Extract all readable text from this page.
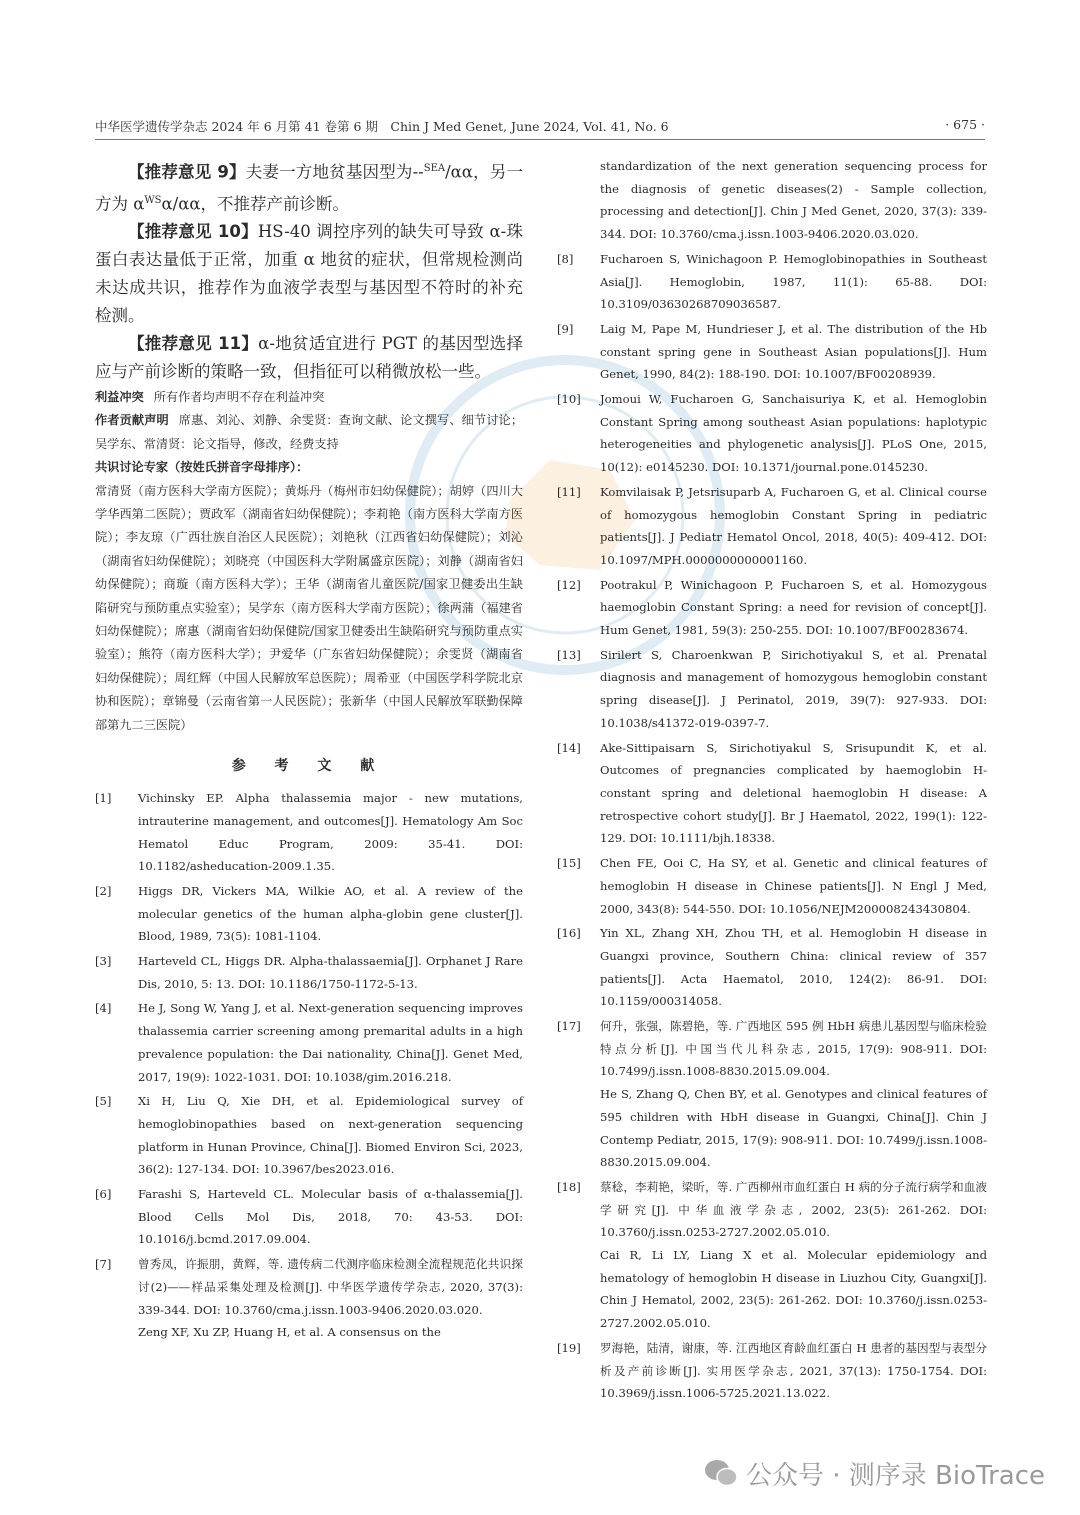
中华医学遗传学杂志 2024 年 6 月第 41 卷第 6 期　Chin J Med Genet, June 2024, Vol. 41, No. 6	· 675 ·

【推荐意见 9】夫妻一方地贫基因型为--$^{SEA}$/αα，另一方为 $\alpha^{WS}\alpha/\alpha\alpha$，不推荐产前诊断。

【推荐意见 10】HS-40 调控序列的缺失可导致 α-珠蛋白表达量低于正常，加重 α 地贫的症状，但常规检测尚未达成共识，推荐作为血液学表型与基因型不符时的补充检测。

【推荐意见 11】α-地贫适宜进行 PGT 的基因型选择应与产前诊断的策略一致，但指征可以稍微放松一些。

利益冲突 所有作者均声明不存在利益冲突

作者贡献声明 席惠、刘沁、刘静、余雯贤：查询文献、论文撰写、细节讨论；吴学东、常清贤：论文指导，修改，经费支持

共识讨论专家（按姓氏拼音字母排序）：
常清贤（南方医科大学南方医院）；黄烁丹（梅州市妇幼保健院）；胡婷（四川大学华西第二医院）；贾政军（湖南省妇幼保健院）；李莉艳（南方医科大学南方医院）；李友琼（广西壮族自治区人民医院）；刘艳秋（江西省妇幼保健院）；刘沁（湖南省妇幼保健院）；刘晓亮（中国医科大学附属盛京医院）；刘静（湖南省妇幼保健院）；商璇（南方医科大学）；王华（湖南省儿童医院/国家卫健委出生缺陷研究与预防重点实验室）；吴学东（南方医科大学南方医院）；徐两蒲（福建省妇幼保健院）；席惠（湖南省妇幼保健院/国家卫健委出生缺陷研究与预防重点实验室）；熊符（南方医科大学）；尹爱华（广东省妇幼保健院）；余雯贤（湖南省妇幼保健院）；周红辉（中国人民解放军总医院）；周希亚（中国医学科学院北京协和医院）；章锦曼（云南省第一人民医院）；张新华（中国人民解放军联勤保障部第九二三医院）

参 考 文 献
[1] Vichinsky EP. Alpha thalassemia major - new mutations, intrauterine management, and outcomes[J]. Hematology Am Soc Hematol Educ Program, 2009: 35-41. DOI: 10.1182/asheducation-2009.1.35.
[2] Higgs DR, Vickers MA, Wilkie AO, et al. A review of the molecular genetics of the human alpha-globin gene cluster[J]. Blood, 1989, 73(5): 1081-1104.
[3] Harteveld CL, Higgs DR. Alpha-thalassaemia[J]. Orphanet J Rare Dis, 2010, 5: 13. DOI: 10.1186/1750-1172-5-13.
[4] He J, Song W, Yang J, et al. Next-generation sequencing improves thalassemia carrier screening among premarital adults in a high prevalence population: the Dai nationality, China[J]. Genet Med, 2017, 19(9): 1022-1031. DOI: 10.1038/gim.2016.218.
[5] Xi H, Liu Q, Xie DH, et al. Epidemiological survey of hemoglobinopathies based on next-generation sequencing platform in Hunan Province, China[J]. Biomed Environ Sci, 2023, 36(2): 127-134. DOI: 10.3967/bes2023.016.
[6] Farashi S, Harteveld CL. Molecular basis of α-thalassemia[J]. Blood Cells Mol Dis, 2018, 70: 43-53. DOI: 10.1016/j.bcmd.2017.09.004.
[7] 曾秀凤，许振朋，黄辉，等. 遗传病二代测序临床检测全流程规范化共识探讨(2)——样品采集处理及检测[J]. 中华医学遗传学杂志, 2020, 37(3): 339-344. DOI: 10.3760/cma.j.issn.1003-9406.2020.03.020.
Zeng XF, Xu ZP, Huang H, et al. A consensus on the
standardization of the next generation sequencing process for the diagnosis of genetic diseases(2) - Sample collection, processing and detection[J]. Chin J Med Genet, 2020, 37(3): 339-344. DOI: 10.3760/cma.j.issn.1003-9406.2020.03.020.
[8] Fucharoen S, Winichagoon P. Hemoglobinopathies in Southeast Asia[J]. Hemoglobin, 1987, 11(1): 65-88. DOI: 10.3109/03630268709036587.
[9] Laig M, Pape M, Hundrieser J, et al. The distribution of the Hb constant spring gene in Southeast Asian populations[J]. Hum Genet, 1990, 84(2): 188-190. DOI: 10.1007/BF00208939.
[10] Jomoui W, Fucharoen G, Sanchaisuriya K, et al. Hemoglobin Constant Spring among southeast Asian populations: haplotypic heterogeneities and phylogenetic analysis[J]. PLoS One, 2015, 10(12): e0145230. DOI: 10.1371/journal.pone.0145230.
[11] Komvilaisak P, Jetsrisuparb A, Fucharoen G, et al. Clinical course of homozygous hemoglobin Constant Spring in pediatric patients[J]. J Pediatr Hematol Oncol, 2018, 40(5): 409-412. DOI: 10.1097/MPH.0000000000001160.
[12] Pootrakul P, Winichagoon P, Fucharoen S, et al. Homozygous haemoglobin Constant Spring: a need for revision of concept[J]. Hum Genet, 1981, 59(3): 250-255. DOI: 10.1007/BF00283674.
[13] Sirilert S, Charoenkwan P, Sirichotiyakul S, et al. Prenatal diagnosis and management of homozygous hemoglobin constant spring disease[J]. J Perinatol, 2019, 39(7): 927-933. DOI: 10.1038/s41372-019-0397-7.
[14] Ake-Sittipaisarn S, Sirichotiyakul S, Srisupundit K, et al. Outcomes of pregnancies complicated by haemoglobin H-constant spring and deletional haemoglobin H disease: A retrospective cohort study[J]. Br J Haematol, 2022, 199(1): 122-129. DOI: 10.1111/bjh.18338.
[15] Chen FE, Ooi C, Ha SY, et al. Genetic and clinical features of hemoglobin H disease in Chinese patients[J]. N Engl J Med, 2000, 343(8): 544-550. DOI: 10.1056/NEJM200008243430804.
[16] Yin XL, Zhang XH, Zhou TH, et al. Hemoglobin H disease in Guangxi province, Southern China: clinical review of 357 patients[J]. Acta Haematol, 2010, 124(2): 86-91. DOI: 10.1159/000314058.
[17] 何升，张强，陈碧艳，等. 广西地区 595 例 HbH 病患儿基因型与临床检验特点分析[J]. 中国当代儿科杂志, 2015, 17(9): 908-911. DOI: 10.7499/j.issn.1008-8830.2015.09.004.
He S, Zhang Q, Chen BY, et al. Genotypes and clinical features of 595 children with HbH disease in Guangxi, China[J]. Chin J Contemp Pediatr, 2015, 17(9): 908-911. DOI: 10.7499/j.issn.1008-8830.2015.09.004.
[18] 蔡稔，李莉艳，梁昕，等. 广西柳州市血红蛋白 H 病的分子流行病学和血液学研究[J]. 中华血液学杂志, 2002, 23(5): 261-262. DOI: 10.3760/j.issn.0253-2727.2002.05.010.
Cai R, Li LY, Liang X et al. Molecular epidemiology and hematology of hemoglobin H disease in Liuzhou City, Guangxi[J]. Chin J Hematol, 2002, 23(5): 261-262. DOI: 10.3760/j.issn.0253-2727.2002.05.010.
[19] 罗海艳，陆清，谢康，等. 江西地区育龄血红蛋白 H 患者的基因型与表型分析及产前诊断[J]. 实用医学杂志, 2021, 37(13): 1750-1754. DOI: 10.3969/j.issn.1006-5725.2021.13.022.
公众号 · 测序录 BioTrace
